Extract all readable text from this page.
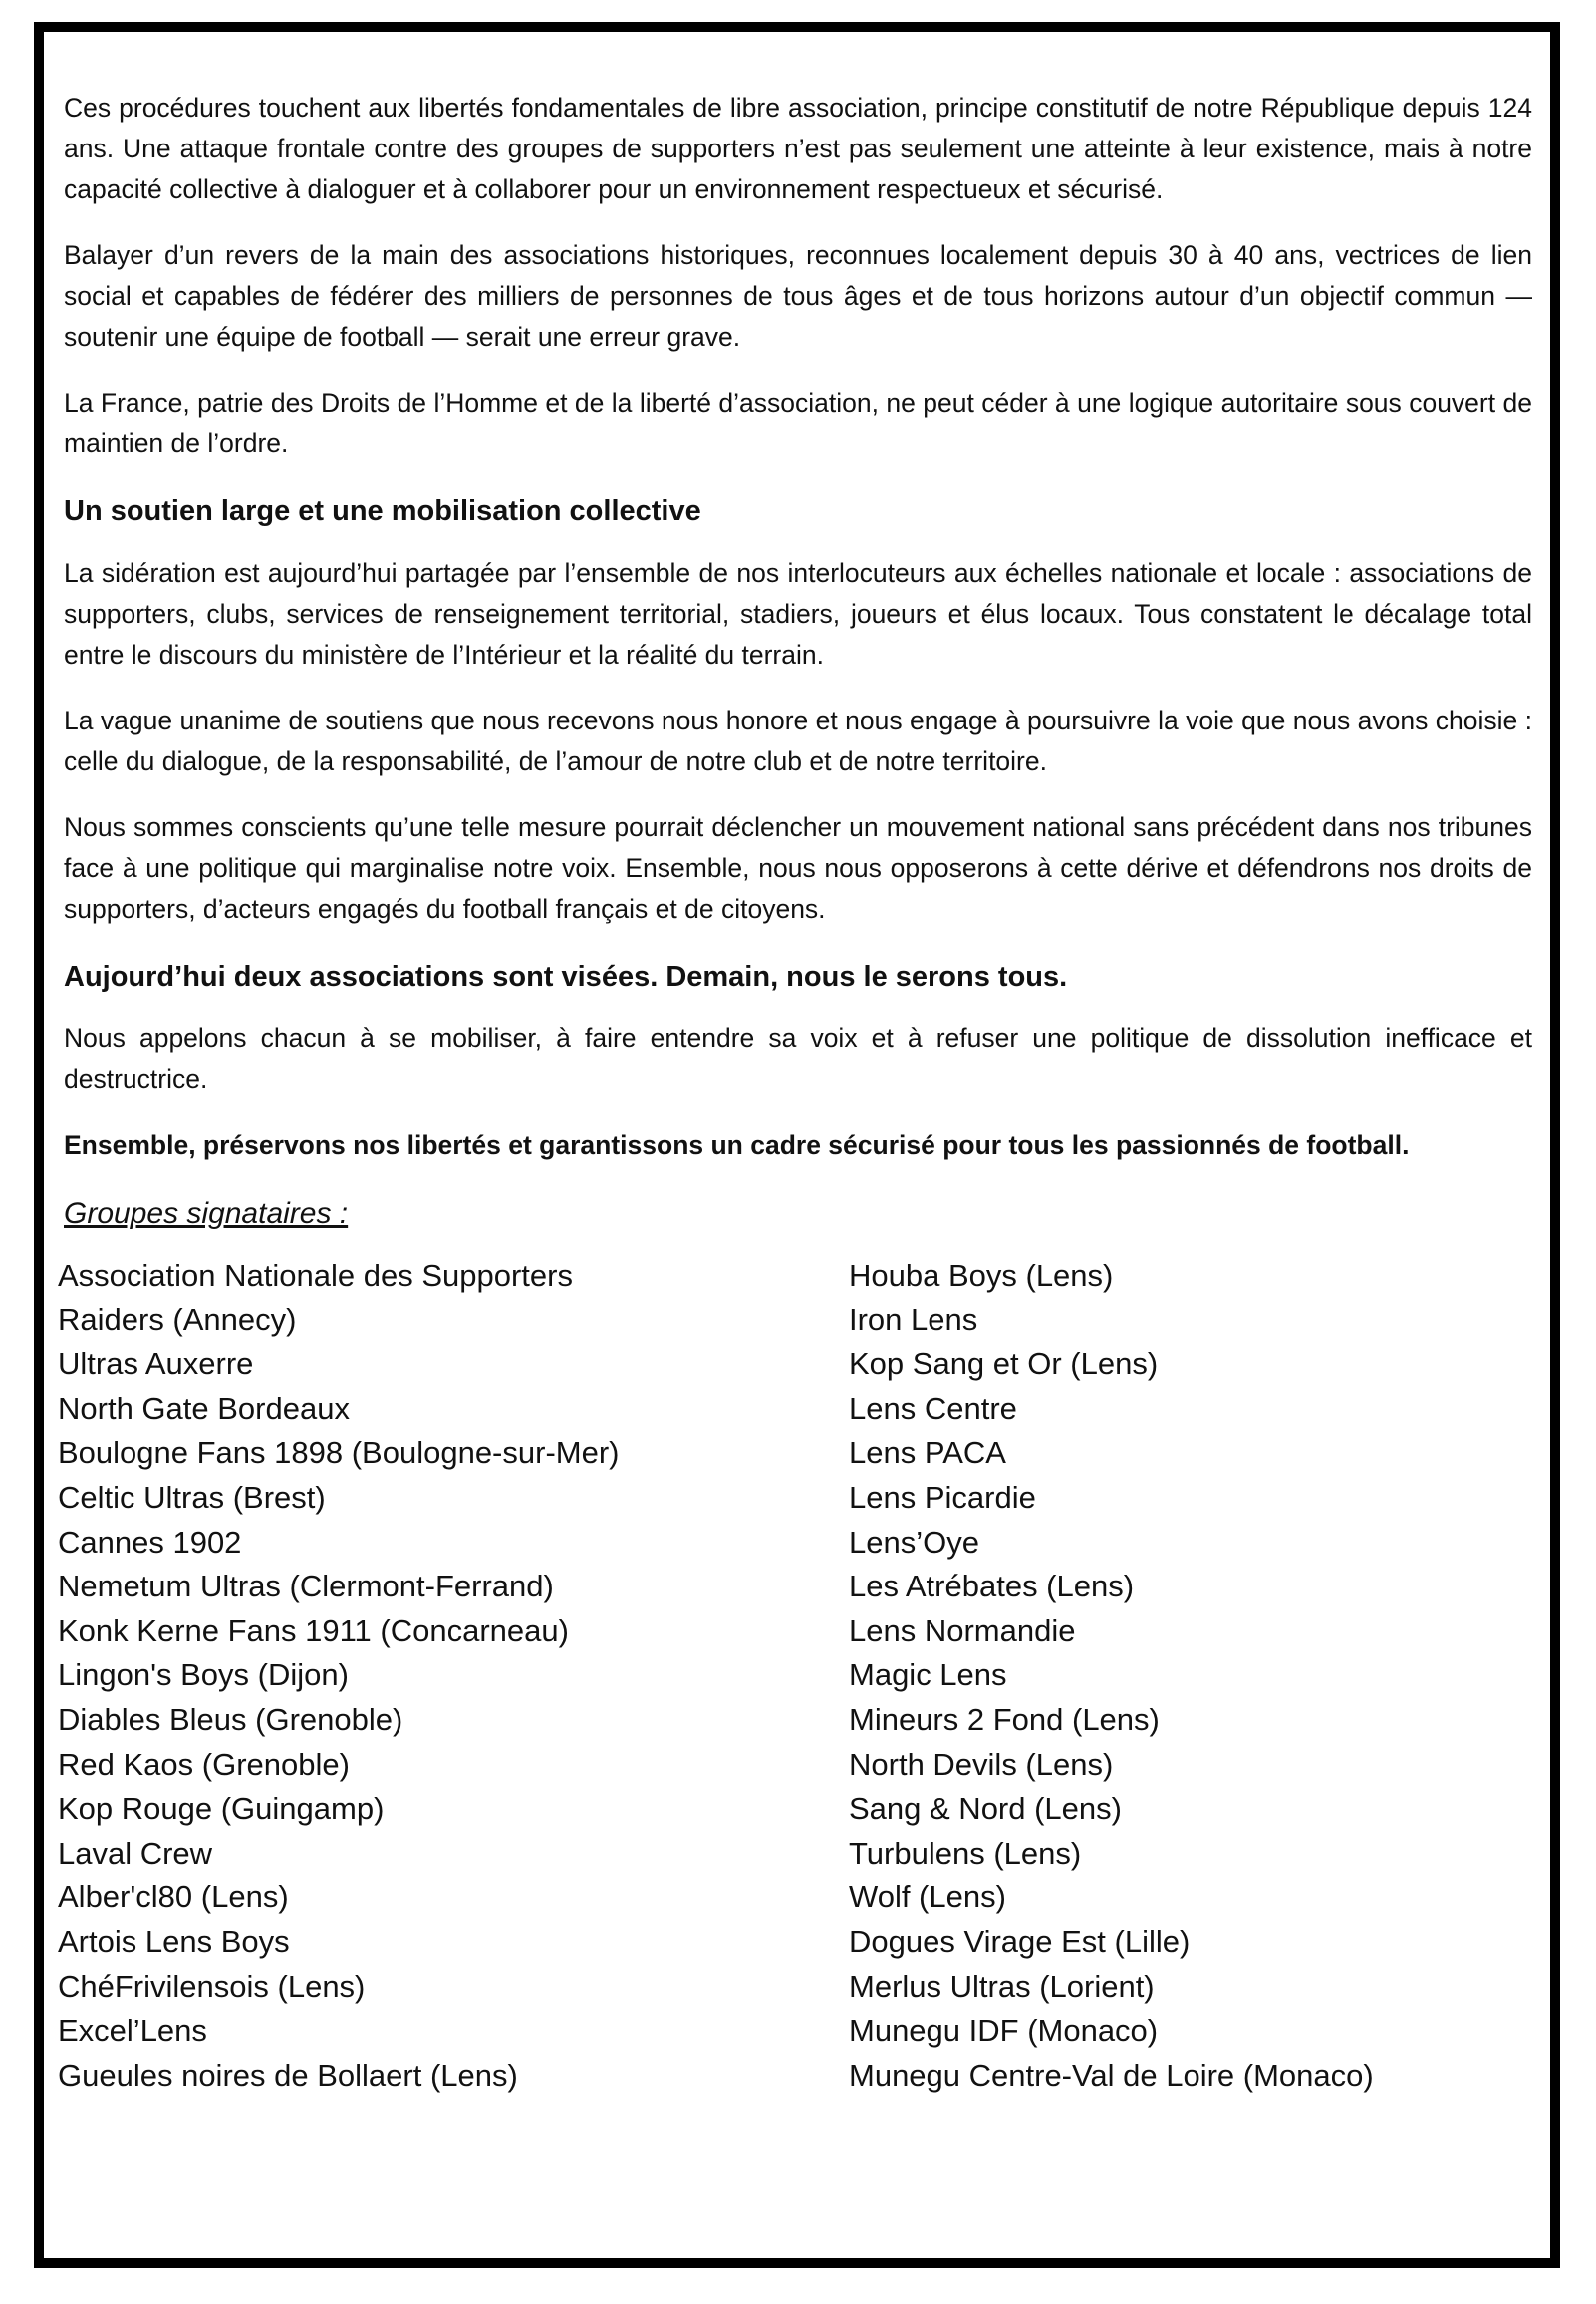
Ces procédures touchent aux libertés fondamentales de libre association, principe constitutif de notre République depuis 124 ans. Une attaque frontale contre des groupes de supporters n’est pas seulement une atteinte à leur existence, mais à notre capacité collective à dialoguer et à collaborer pour un environnement respectueux et sécurisé.

Balayer d’un revers de la main des associations historiques, reconnues localement depuis 30 à 40 ans, vectrices de lien social et capables de fédérer des milliers de personnes de tous âges et de tous horizons autour d’un objectif commun — soutenir une équipe de football — serait une erreur grave.

La France, patrie des Droits de l’Homme et de la liberté d’association, ne peut céder à une logique autoritaire sous couvert de maintien de l’ordre.

Un soutien large et une mobilisation collective

La sidération est aujourd’hui partagée par l’ensemble de nos interlocuteurs aux échelles nationale et locale : associations de supporters, clubs, services de renseignement territorial, stadiers, joueurs et élus locaux. Tous constatent le décalage total entre le discours du ministère de l’Intérieur et la réalité du terrain.

La vague unanime de soutiens que nous recevons nous honore et nous engage à poursuivre la voie que nous avons choisie : celle du dialogue, de la responsabilité, de l’amour de notre club et de notre territoire.

Nous sommes conscients qu’une telle mesure pourrait déclencher un mouvement national sans précédent dans nos tribunes face à une politique qui marginalise notre voix. Ensemble, nous nous opposerons à cette dérive et défendrons nos droits de supporters, d’acteurs engagés du football français et de citoyens.

Aujourd’hui deux associations sont visées. Demain, nous le serons tous.

Nous appelons chacun à se mobiliser, à faire entendre sa voix et à refuser une politique de dissolution inefficace et destructrice.

Ensemble, préservons nos libertés et garantissons un cadre sécurisé pour tous les passionnés de football.

Groupes signataires :
Association Nationale des Supporters
Raiders (Annecy)
Ultras Auxerre
North Gate Bordeaux
Boulogne Fans 1898 (Boulogne-sur-Mer)
Celtic Ultras (Brest)
Cannes 1902
Nemetum Ultras (Clermont-Ferrand)
Konk Kerne Fans 1911 (Concarneau)
Lingon's Boys (Dijon)
Diables Bleus (Grenoble)
Red Kaos (Grenoble)
Kop Rouge (Guingamp)
Laval Crew
Alber'cl80 (Lens)
Artois Lens Boys
ChéFrivilensois (Lens)
Excel’Lens
Gueules noires de Bollaert (Lens)
Houba Boys (Lens)
Iron Lens
Kop Sang et Or (Lens)
Lens Centre
Lens PACA
Lens Picardie
Lens’Oye
Les Atrébates (Lens)
Lens Normandie
Magic Lens
Mineurs 2 Fond (Lens)
North Devils (Lens)
Sang & Nord (Lens)
Turbulens (Lens)
Wolf (Lens)
Dogues Virage Est (Lille)
Merlus Ultras (Lorient)
Munegu IDF (Monaco)
Munegu Centre-Val de Loire (Monaco)
